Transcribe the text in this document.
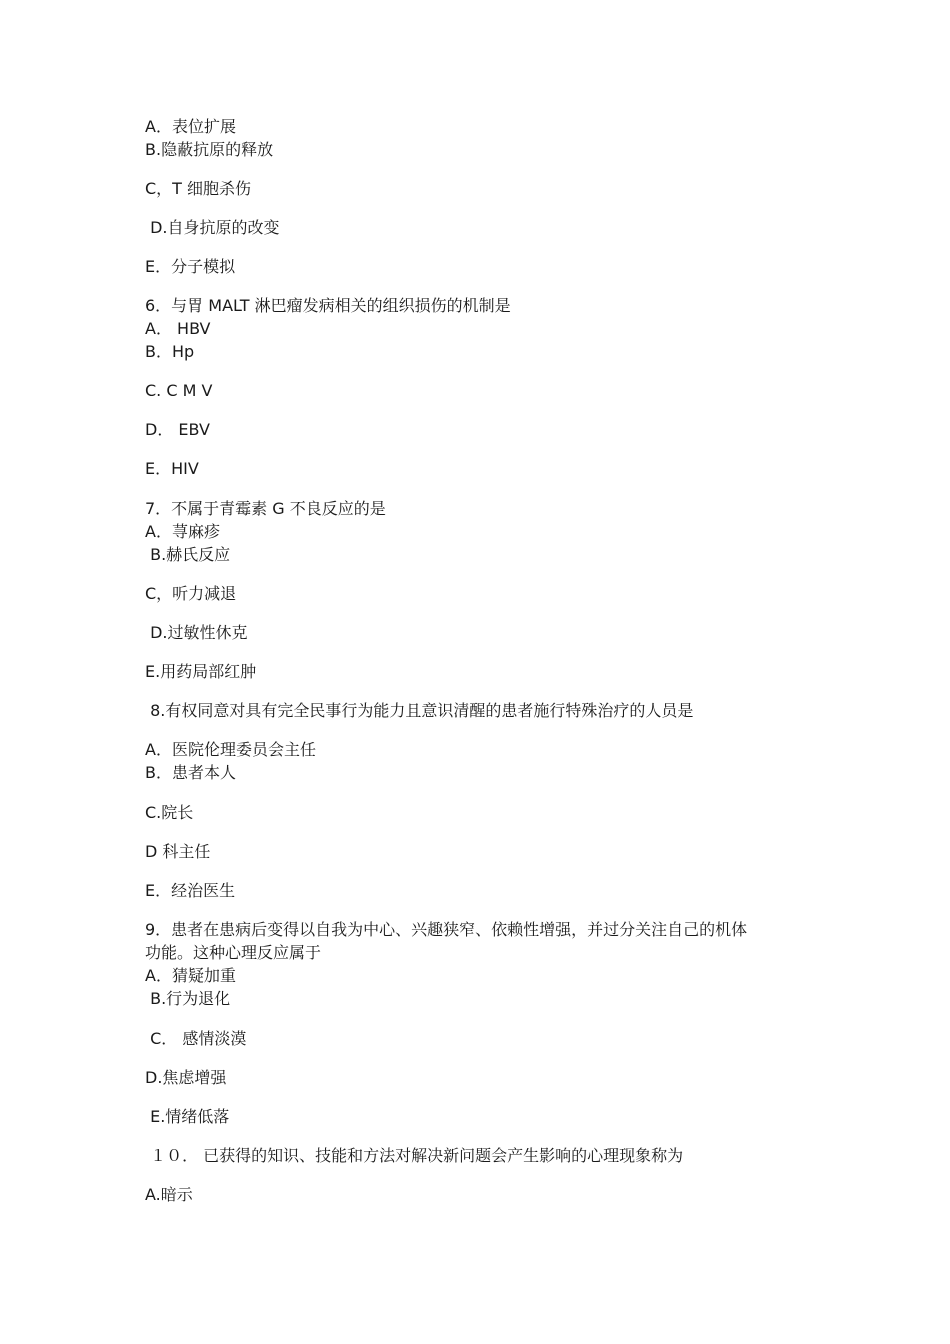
A．表位扩展
B.隐蔽抗原的释放
C，T 细胞杀伤
D.自身抗原的改变
E．分子模拟
6．与胃 MALT 淋巴瘤发病相关的组织损伤的机制是
A． HBV
B．Hp
C. C M V
D． EBV
E．HIV
7．不属于青霉素 G 不良反应的是
A．荨麻疹
B.赫氏反应
C，听力减退
D.过敏性休克
E.用药局部红肿
8.有权同意对具有完全民事行为能力且意识清醒的患者施行特殊治疗的人员是
A．医院伦理委员会主任
B．患者本人
C.院长
D 科主任
E．经治医生
9．患者在患病后变得以自我为中心、兴趣狭窄、依赖性增强，并过分关注自己的机体
功能。这种心理反应属于
A．猜疑加重
B.行为退化
C． 感情淡漠
D.焦虑增强
E.情绪低落
１０． 已获得的知识、技能和方法对解决新问题会产生影响的心理现象称为
A.暗示
